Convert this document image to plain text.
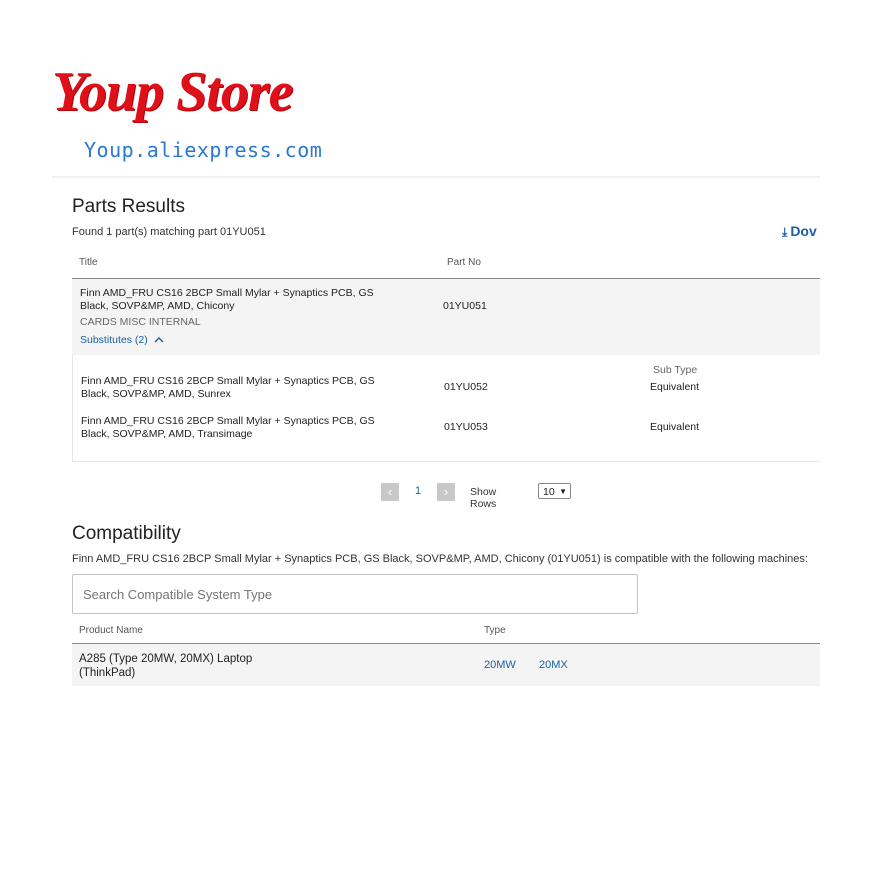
Youp Store
Youp.aliexpress.com
Parts Results
Found 1 part(s) matching part 01YU051	⤓ Dov
Title	Part No
Finn AMD_FRU CS16 2BCP Small Mylar + Synaptics PCB, GS
Black, SOVP&MP, AMD, Chicony
CARDS MISC INTERNAL
01YU051
Substitutes (2)
Sub Type
Finn AMD_FRU CS16 2BCP Small Mylar + Synaptics PCB, GS
Black, SOVP&MP, AMD, Sunrex
01YU052	Equivalent
Finn AMD_FRU CS16 2BCP Small Mylar + Synaptics PCB, GS
Black, SOVP&MP, AMD, Transimage
01YU053	Equivalent
‹	1	›	Show Rows
10 ▼
Compatibility
Finn AMD_FRU CS16 2BCP Small Mylar + Synaptics PCB, GS Black, SOVP&MP, AMD, Chicony (01YU051) is compatible with the following machines:
Search Compatible System Type
Product Name	Type
A285 (Type 20MW, 20MX) Laptop
(ThinkPad)
20MW 20MX
